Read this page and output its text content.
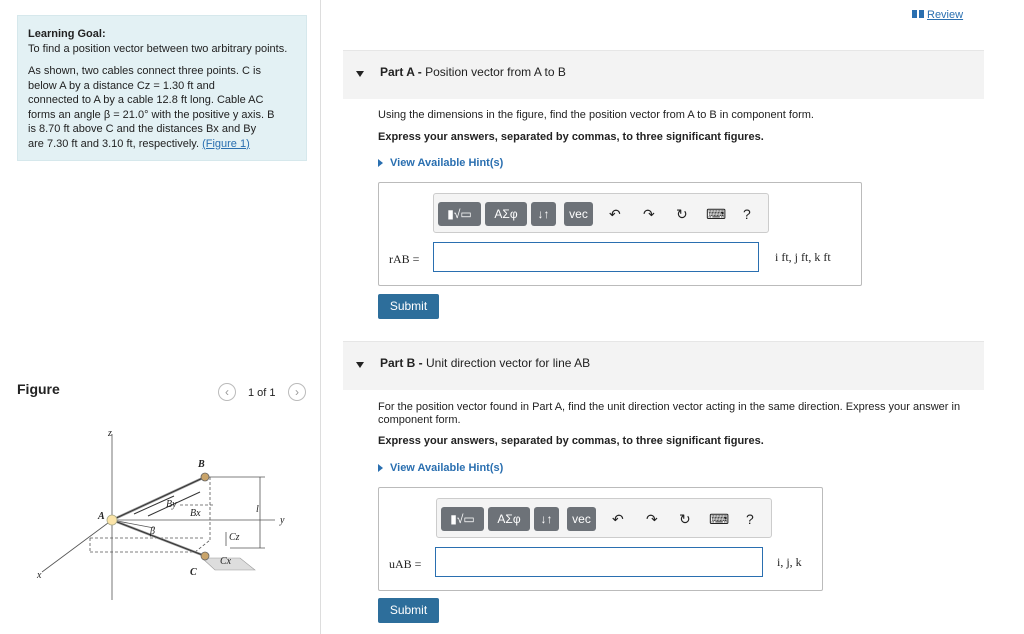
Learning Goal:

To find a position vector between two arbitrary points.

As shown, two cables connect three points. C is

below A by a distance Cz = 1.30 ft and

connected to A by a cable 12.8 ft long. Cable AC

forms an angle β = 21.0° with the positive y axis. B

is 8.70 ft above C and the distances Bx and By

are 7.30 ft and 3.10 ft, respectively. (Figure 1)

Figure	‹	1 of 1	›
z
y
x
A
B
C
By
Bx
β
l
Cz
Cx
Review
Part A - Position vector from A to B
Using the dimensions in the figure, find the position vector from A to B in component form.
Express your answers, separated by commas, to three significant figures.
View Available Hint(s)
▮√▭	ΑΣφ	↓↑	vec	↶ ↷ ↻ ⌨ ?
rAB =	i ft, j ft, k ft
Submit
Part B - Unit direction vector for line AB
For the position vector found in Part A, find the unit direction vector acting in the same direction. Express your answer in
component form.
Express your answers, separated by commas, to three significant figures.
View Available Hint(s)
▮√▭	ΑΣφ	↓↑	vec	↶ ↷ ↻ ⌨ ?
uAB =	i, j, k
Submit
